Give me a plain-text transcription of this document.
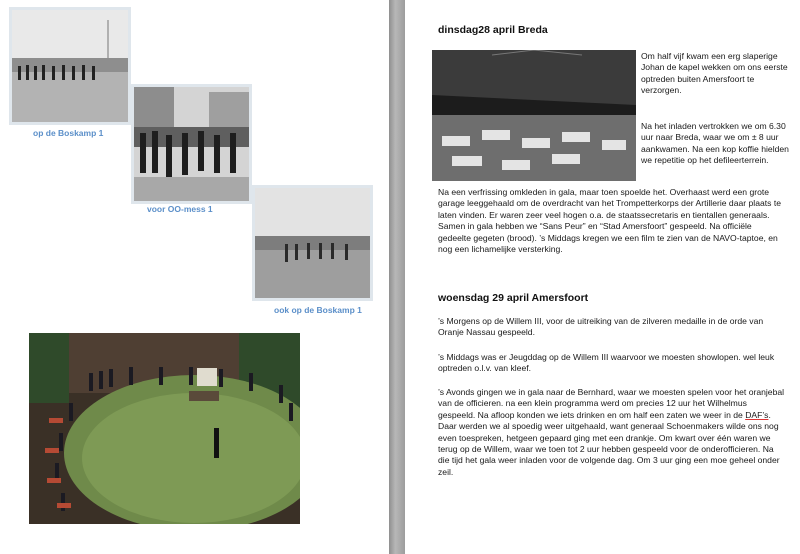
op de Boskamp 1
voor OO-mess 1
ook op de Boskamp 1
dinsdag28 april Breda

Om half vijf kwam een erg slaperige Johan de kapel wekken om ons eerste optreden buiten Amersfoort te verzorgen.

Na het inladen vertrokken we om 6.30 uur naar Breda, waar we om ± 8 uur aankwamen. Na een kop koffie hielden we repetitie op het defileerterrein.

Na een verfrissing omkleden in gala, maar toen spoelde het. Overhaast werd een grote garage leeggehaald om de overdracht van het Trompetterkorps der Artillerie daar plaats te laten vinden. Er waren zeer veel hogen o.a. de staatssecretaris en tientallen generaals. Samen in gala hebben we “Sans Peur” en “Stad Amersfoort” gespeeld. Na officiële gedeelte gegeten (brood). ’s Middags kregen we een film te zien van de NAVO-taptoe, en nog een lichamelijke versterking.

woensdag 29 april Amersfoort

’s Morgens op de Willem III, voor de uitreiking van de zilveren medaille in de orde van Oranje Nassau gespeeld.

’s Middags was er Jeugddag op de Willem III waarvoor we moesten showlopen. wel leuk optreden o.l.v. van kleef.

’s Avonds gingen we in gala naar de Bernhard, waar we moesten spelen voor het oranjebal van de officieren. na een klein programma werd om precies 12 uur het Wilhelmus gespeeld. Na afloop konden we iets drinken en om half een zaten we weer in de DAF’s. Daar werden we al spoedig weer uitgehaald, want generaal Schoenmakers wilde ons nog even toespreken, hetgeen gepaard ging met een drankje. Om kwart over één waren we terug op de Willem, waar we toen tot 2 uur hebben gespeeld voor de onderofficieren. Na die tijd het gala weer inladen voor de volgende dag. Om 3 uur ging een moe geheel onder zeil.
